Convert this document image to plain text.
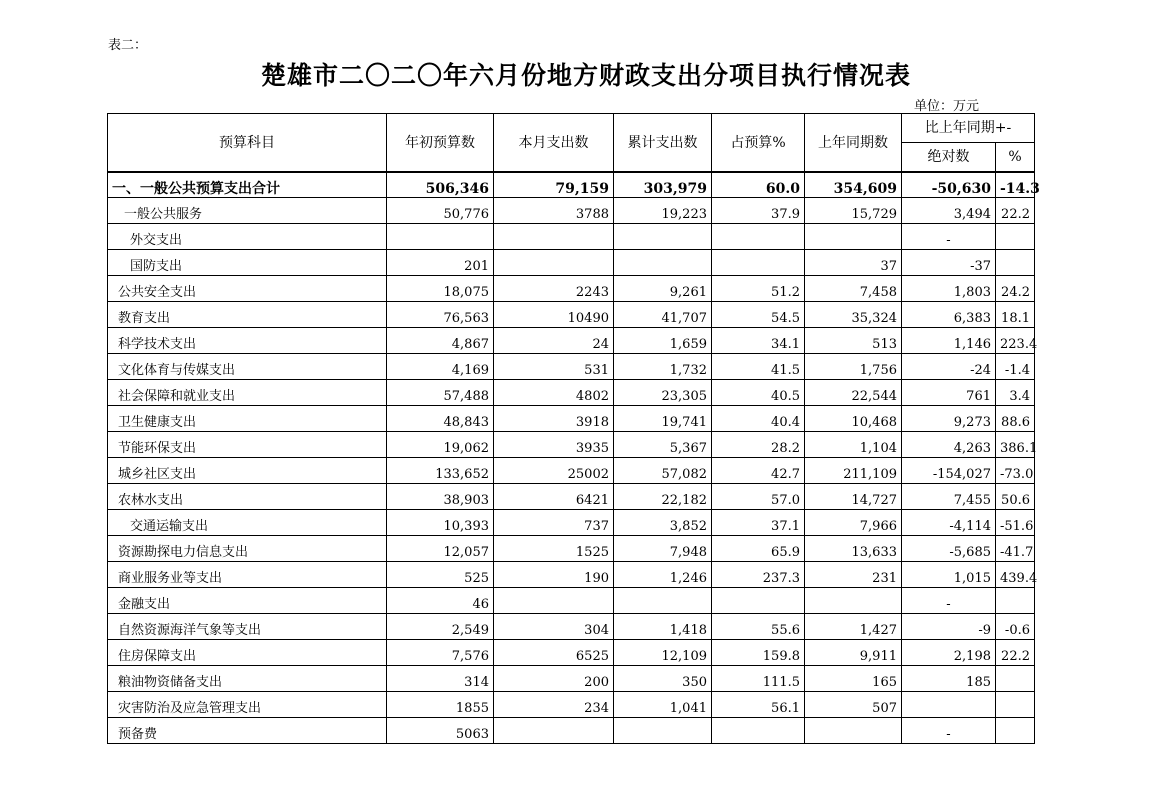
表二：
楚雄市二〇二〇年六月份地方财政支出分项目执行情况表
单位：万元
预算科目	年初预算数	本月支出数	累计支出数	占预算%	上年同期数	比上年同期+-	
						绝对数	%
一、一般公共预算支出合计	506,346	79,159	303,979	60.0	354,609	-50,630	-14.3
一般公共服务	50,776	3788	19,223	37.9	15,729	3,494	22.2
外交支出						-	
国防支出	201				37	-37	
公共安全支出	18,075	2243	9,261	51.2	7,458	1,803	24.2
教育支出	76,563	10490	41,707	54.5	35,324	6,383	18.1
科学技术支出	4,867	24	1,659	34.1	513	1,146	223.4
文化体育与传媒支出	4,169	531	1,732	41.5	1,756	-24	-1.4
社会保障和就业支出	57,488	4802	23,305	40.5	22,544	761	3.4
卫生健康支出	48,843	3918	19,741	40.4	10,468	9,273	88.6
节能环保支出	19,062	3935	5,367	28.2	1,104	4,263	386.1
城乡社区支出	133,652	25002	57,082	42.7	211,109	-154,027	-73.0
农林水支出	38,903	6421	22,182	57.0	14,727	7,455	50.6
交通运输支出	10,393	737	3,852	37.1	7,966	-4,114	-51.6
资源勘探电力信息支出	12,057	1525	7,948	65.9	13,633	-5,685	-41.7
商业服务业等支出	525	190	1,246	237.3	231	1,015	439.4
金融支出	46					-	
自然资源海洋气象等支出	2,549	304	1,418	55.6	1,427	-9	-0.6
住房保障支出	7,576	6525	12,109	159.8	9,911	2,198	22.2
粮油物资储备支出	314	200	350	111.5	165	185	
灾害防治及应急管理支出	1855	234	1,041	56.1	507		
预备费	5063					-	
